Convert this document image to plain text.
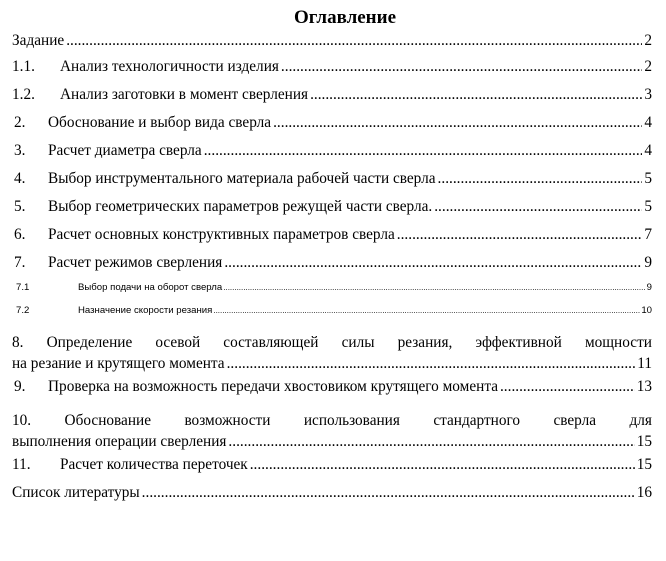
Оглавление
Задание .....	2
1.1.	Анализ технологичности изделия .....	2
1.2.	Анализ заготовки в момент сверления .....	3
2.	Обоснование и выбор вида сверла .....	4
3.	Расчет диаметра сверла .....	4
4.	Выбор инструментального материала рабочей части сверла .....	5
5.	Выбор геометрических параметров режущей части сверла. .....	5
6.	Расчет основных конструктивных параметров сверла .....	7
7.	Расчет режимов сверления .....	9
7.1	Выбор подачи на оборот сверла .....	9
7.2	Назначение скорости резания .....	10
8. Определение осевой составляющей силы резания, эффективной мощности
на резание и крутящего момента .....	11
9.	Проверка на возможность передачи хвостовиком крутящего момента .....	13
10. Обоснование возможности использования стандартного сверла для
выполнения операции сверления .....	15
11.	Расчет количества переточек .....	15
Список литературы .....	16
